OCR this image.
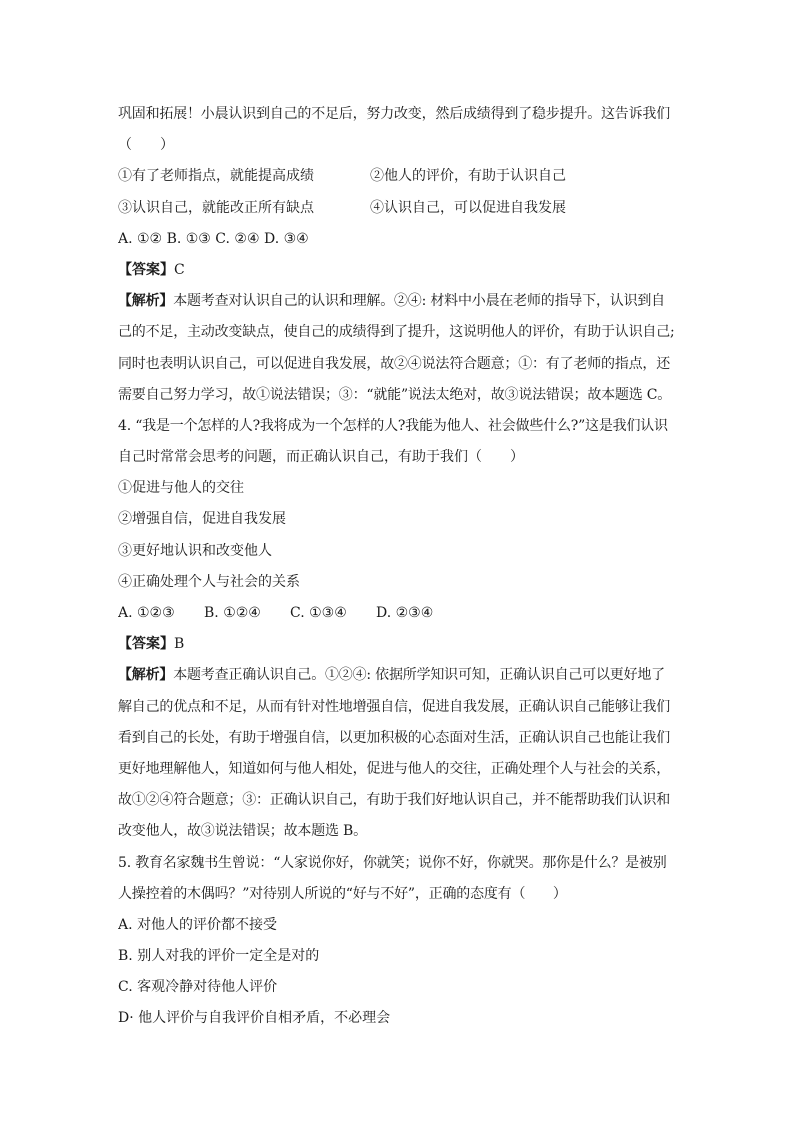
巩固和拓展！小晨认识到自己的不足后，努力改变，然后成绩得到了稳步提升。这告诉我们
（　　）
①有了老师指点，就能提高成绩	②他人的评价，有助于认识自己
③认识自己，就能改正所有缺点	④认识自己，可以促进自我发展
A. ①② B. ①③ C. ②④ D. ③④
【答案】C
【解析】本题考查对认识自己的认识和理解。②④: 材料中小晨在老师的指导下，认识到自
己的不足，主动改变缺点，使自己的成绩得到了提升，这说明他人的评价，有助于认识自己;
同时也表明认识自己，可以促进自我发展，故②④说法符合题意；①：有了老师的指点，还
需要自己努力学习，故①说法错误；③：“就能”说法太绝对，故③说法错误；故本题选 C。
4. “我是一个怎样的人?我将成为一个怎样的人?我能为他人、社会做些什么?”这是我们认识
自己时常常会思考的问题，而正确认识自己，有助于我们（　　）
①促进与他人的交往
②增强自信，促进自我发展
③更好地认识和改变他人
④正确处理个人与社会的关系
A. ①②③ B. ①②④ C. ①③④ D. ②③④
【答案】B
【解析】本题考查正确认识自己。①②④: 依据所学知识可知，正确认识自己可以更好地了
解自己的优点和不足，从而有针对性地增强自信，促进自我发展，正确认识自己能够让我们
看到自己的长处，有助于增强自信，以更加积极的心态面对生活，正确认识自己也能让我们
更好地理解他人，知道如何与他人相处，促进与他人的交往，正确处理个人与社会的关系，
故①②④符合题意；③：正确认识自己，有助于我们好地认识自己，并不能帮助我们认识和
改变他人，故③说法错误；故本题选 B。
5. 教育名家魏书生曾说：“人家说你好，你就笑；说你不好，你就哭。那你是什么？是被别
人操控着的木偶吗？”对待别人所说的“好与不好”，正确的态度有（　　）
A. 对他人的评价都不接受
B. 别人对我的评价一定全是对的
C. 客观冷静对待他人评价
D· 他人评价与自我评价自相矛盾，不必理会
